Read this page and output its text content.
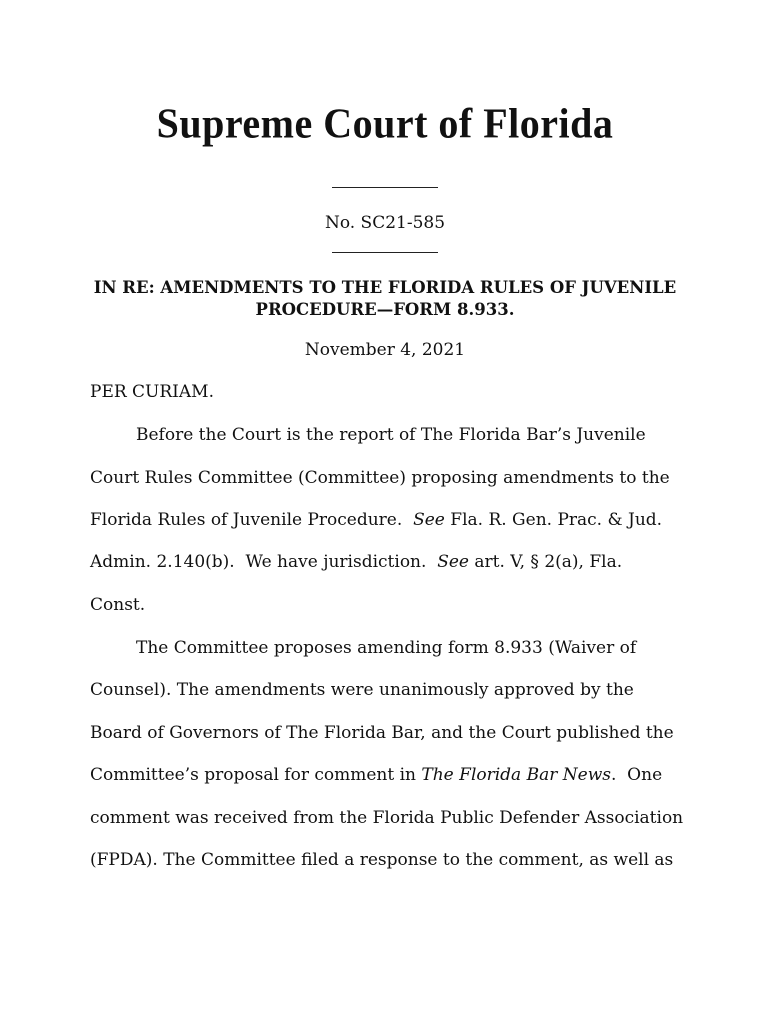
Supreme Court of Florida
No. SC21-585
IN RE: AMENDMENTS TO THE FLORIDA RULES OF JUVENILE
PROCEDURE—FORM 8.933.
November 4, 2021
PER CURIAM.
Before the Court is the report of The Florida Bar’s Juvenile
Court Rules Committee (Committee) proposing amendments to the
Florida Rules of Juvenile Procedure.  See Fla. R. Gen. Prac. & Jud.
Admin. 2.140(b).  We have jurisdiction.  See art. V, § 2(a), Fla.
Const.
The Committee proposes amending form 8.933 (Waiver of
Counsel). The amendments were unanimously approved by the
Board of Governors of The Florida Bar, and the Court published the
Committee’s proposal for comment in The Florida Bar News.  One
comment was received from the Florida Public Defender Association
(FPDA). The Committee filed a response to the comment, as well as
